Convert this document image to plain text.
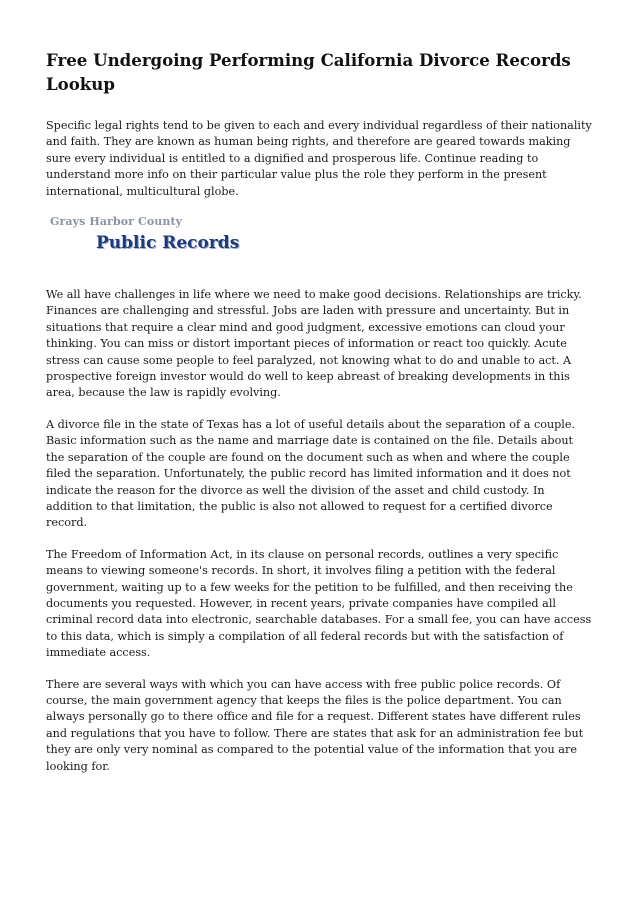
Free Undergoing Performing California Divorce Records Lookup

Specific legal rights tend to be given to each and every individual regardless of their nationality and faith. They are known as human being rights, and therefore are geared towards making sure every individual is entitled to a dignified and prosperous life. Continue reading to understand more info on their particular value plus the role they perform in the present international, multicultural globe.

Grays Harbor County
Public Records

We all have challenges in life where we need to make good decisions. Relationships are tricky. Finances are challenging and stressful. Jobs are laden with pressure and uncertainty. But in situations that require a clear mind and good judgment, excessive emotions can cloud your thinking. You can miss or distort important pieces of information or react too quickly. Acute stress can cause some people to feel paralyzed, not knowing what to do and unable to act. A prospective foreign investor would do well to keep abreast of breaking developments in this area, because the law is rapidly evolving.

A divorce file in the state of Texas has a lot of useful details about the separation of a couple. Basic information such as the name and marriage date is contained on the file. Details about the separation of the couple are found on the document such as when and where the couple filed the separation. Unfortunately, the public record has limited information and it does not indicate the reason for the divorce as well the division of the asset and child custody. In addition to that limitation, the public is also not allowed to request for a certified divorce record.

The Freedom of Information Act, in its clause on personal records, outlines a very specific means to viewing someone's records. In short, it involves filing a petition with the federal government, waiting up to a few weeks for the petition to be fulfilled, and then receiving the documents you requested. However, in recent years, private companies have compiled all criminal record data into electronic, searchable databases. For a small fee, you can have access to this data, which is simply a compilation of all federal records but with the satisfaction of immediate access.

There are several ways with which you can have access with free public police records. Of course, the main government agency that keeps the files is the police department. You can always personally go to there office and file for a request. Different states have different rules and regulations that you have to follow. There are states that ask for an administration fee but they are only very nominal as compared to the potential value of the information that you are looking for.
